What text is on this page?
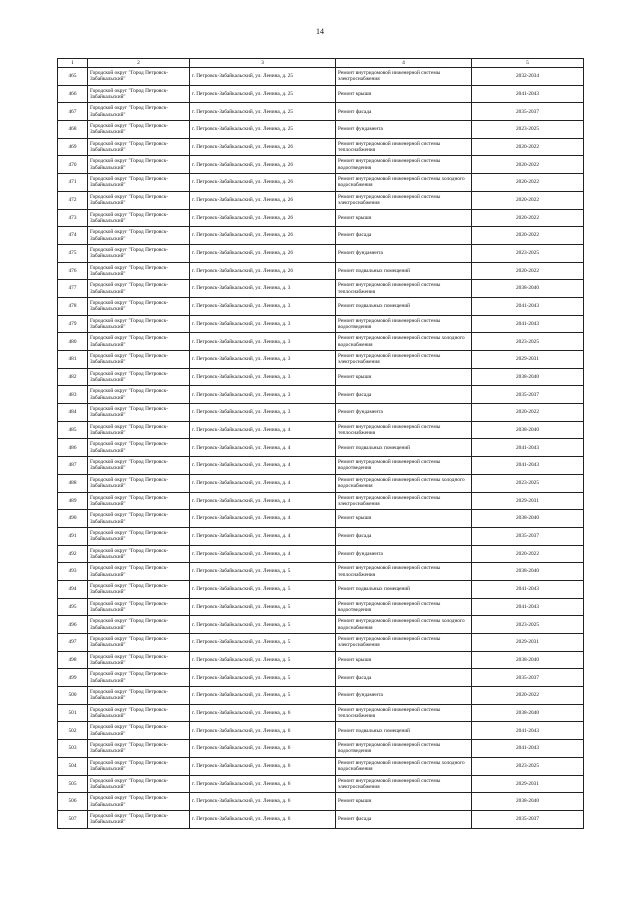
14
1	2	3	4	5
465	Городской округ "Город Петровск-Забайкальский"	г. Петровск-Забайкальский, ул. Ленина, д. 25	Ремонт внутридомовой инженерной системы электроснабжения	2032-2034
466	Городской округ "Город Петровск-Забайкальский"	г. Петровск-Забайкальский, ул. Ленина, д. 25	Ремонт крыши	2041-2043
467	Городской округ "Город Петровск-Забайкальский"	г. Петровск-Забайкальский, ул. Ленина, д. 25	Ремонт фасада	2035-2037
468	Городской округ "Город Петровск-Забайкальский"	г. Петровск-Забайкальский, ул. Ленина, д. 25	Ремонт фундамента	2023-2025
469	Городской округ "Город Петровск-Забайкальский"	г. Петровск-Забайкальский, ул. Ленина, д. 26	Ремонт внутридомовой инженерной системы теплоснабжения	2020-2022
470	Городской округ "Город Петровск-Забайкальский"	г. Петровск-Забайкальский, ул. Ленина, д. 26	Ремонт внутридомовой инженерной системы водоотведения	2020-2022
471	Городской округ "Город Петровск-Забайкальский"	г. Петровск-Забайкальский, ул. Ленина, д. 26	Ремонт внутридомовой инженерной системы холодного водоснабжения	2020-2022
472	Городской округ "Город Петровск-Забайкальский"	г. Петровск-Забайкальский, ул. Ленина, д. 26	Ремонт внутридомовой инженерной системы электроснабжения	2020-2022
473	Городской округ "Город Петровск-Забайкальский"	г. Петровск-Забайкальский, ул. Ленина, д. 26	Ремонт крыши	2020-2022
474	Городской округ "Город Петровск-Забайкальский"	г. Петровск-Забайкальский, ул. Ленина, д. 26	Ремонт фасада	2020-2022
475	Городской округ "Город Петровск-Забайкальский"	г. Петровск-Забайкальский, ул. Ленина, д. 26	Ремонт фундамента	2023-2025
476	Городской округ "Город Петровск-Забайкальский"	г. Петровск-Забайкальский, ул. Ленина, д. 26	Ремонт подвальных помещений	2020-2022
477	Городской округ "Город Петровск-Забайкальский"	г. Петровск-Забайкальский, ул. Ленина, д. 3	Ремонт внутридомовой инженерной системы теплоснабжения	2038-2040
478	Городской округ "Город Петровск-Забайкальский"	г. Петровск-Забайкальский, ул. Ленина, д. 3	Ремонт подвальных помещений	2041-2043
479	Городской округ "Город Петровск-Забайкальский"	г. Петровск-Забайкальский, ул. Ленина, д. 3	Ремонт внутридомовой инженерной системы водоотведения	2041-2043
480	Городской округ "Город Петровск-Забайкальский"	г. Петровск-Забайкальский, ул. Ленина, д. 3	Ремонт внутридомовой инженерной системы холодного водоснабжения	2023-2025
481	Городской округ "Город Петровск-Забайкальский"	г. Петровск-Забайкальский, ул. Ленина, д. 3	Ремонт внутридомовой инженерной системы электроснабжения	2029-2031
482	Городской округ "Город Петровск-Забайкальский"	г. Петровск-Забайкальский, ул. Ленина, д. 3	Ремонт крыши	2038-2040
483	Городской округ "Город Петровск-Забайкальский"	г. Петровск-Забайкальский, ул. Ленина, д. 3	Ремонт фасада	2035-2037
484	Городской округ "Город Петровск-Забайкальский"	г. Петровск-Забайкальский, ул. Ленина, д. 3	Ремонт фундамента	2020-2022
485	Городской округ "Город Петровск-Забайкальский"	г. Петровск-Забайкальский, ул. Ленина, д. 4	Ремонт внутридомовой инженерной системы теплоснабжения	2038-2040
486	Городской округ "Город Петровск-Забайкальский"	г. Петровск-Забайкальский, ул. Ленина, д. 4	Ремонт подвальных помещений	2041-2043
487	Городской округ "Город Петровск-Забайкальский"	г. Петровск-Забайкальский, ул. Ленина, д. 4	Ремонт внутридомовой инженерной системы водоотведения	2041-2043
488	Городской округ "Город Петровск-Забайкальский"	г. Петровск-Забайкальский, ул. Ленина, д. 4	Ремонт внутридомовой инженерной системы холодного водоснабжения	2023-2025
489	Городской округ "Город Петровск-Забайкальский"	г. Петровск-Забайкальский, ул. Ленина, д. 4	Ремонт внутридомовой инженерной системы электроснабжения	2029-2031
490	Городской округ "Город Петровск-Забайкальский"	г. Петровск-Забайкальский, ул. Ленина, д. 4	Ремонт крыши	2038-2040
491	Городской округ "Город Петровск-Забайкальский"	г. Петровск-Забайкальский, ул. Ленина, д. 4	Ремонт фасада	2035-2037
492	Городской округ "Город Петровск-Забайкальский"	г. Петровск-Забайкальский, ул. Ленина, д. 4	Ремонт фундамента	2020-2022
493	Городской округ "Город Петровск-Забайкальский"	г. Петровск-Забайкальский, ул. Ленина, д. 5	Ремонт внутридомовой инженерной системы теплоснабжения	2038-2040
494	Городской округ "Город Петровск-Забайкальский"	г. Петровск-Забайкальский, ул. Ленина, д. 5	Ремонт подвальных помещений	2041-2043
495	Городской округ "Город Петровск-Забайкальский"	г. Петровск-Забайкальский, ул. Ленина, д. 5	Ремонт внутридомовой инженерной системы водоотведения	2041-2043
496	Городской округ "Город Петровск-Забайкальский"	г. Петровск-Забайкальский, ул. Ленина, д. 5	Ремонт внутридомовой инженерной системы холодного водоснабжения	2023-2025
497	Городской округ "Город Петровск-Забайкальский"	г. Петровск-Забайкальский, ул. Ленина, д. 5	Ремонт внутридомовой инженерной системы электроснабжения	2029-2031
498	Городской округ "Город Петровск-Забайкальский"	г. Петровск-Забайкальский, ул. Ленина, д. 5	Ремонт крыши	2038-2040
499	Городской округ "Город Петровск-Забайкальский"	г. Петровск-Забайкальский, ул. Ленина, д. 5	Ремонт фасада	2035-2037
500	Городской округ "Город Петровск-Забайкальский"	г. Петровск-Забайкальский, ул. Ленина, д. 5	Ремонт фундамента	2020-2022
501	Городской округ "Город Петровск-Забайкальский"	г. Петровск-Забайкальский, ул. Ленина, д. 6	Ремонт внутридомовой инженерной системы теплоснабжения	2038-2040
502	Городской округ "Город Петровск-Забайкальский"	г. Петровск-Забайкальский, ул. Ленина, д. 6	Ремонт подвальных помещений	2041-2043
503	Городской округ "Город Петровск-Забайкальский"	г. Петровск-Забайкальский, ул. Ленина, д. 6	Ремонт внутридомовой инженерной системы водоотведения	2041-2043
504	Городской округ "Город Петровск-Забайкальский"	г. Петровск-Забайкальский, ул. Ленина, д. 6	Ремонт внутридомовой инженерной системы холодного водоснабжения	2023-2025
505	Городской округ "Город Петровск-Забайкальский"	г. Петровск-Забайкальский, ул. Ленина, д. 6	Ремонт внутридомовой инженерной системы электроснабжения	2029-2031
506	Городской округ "Город Петровск-Забайкальский"	г. Петровск-Забайкальский, ул. Ленина, д. 6	Ремонт крыши	2038-2040
507	Городской округ "Город Петровск-Забайкальский"	г. Петровск-Забайкальский, ул. Ленина, д. 6	Ремонт фасада	2035-2037
